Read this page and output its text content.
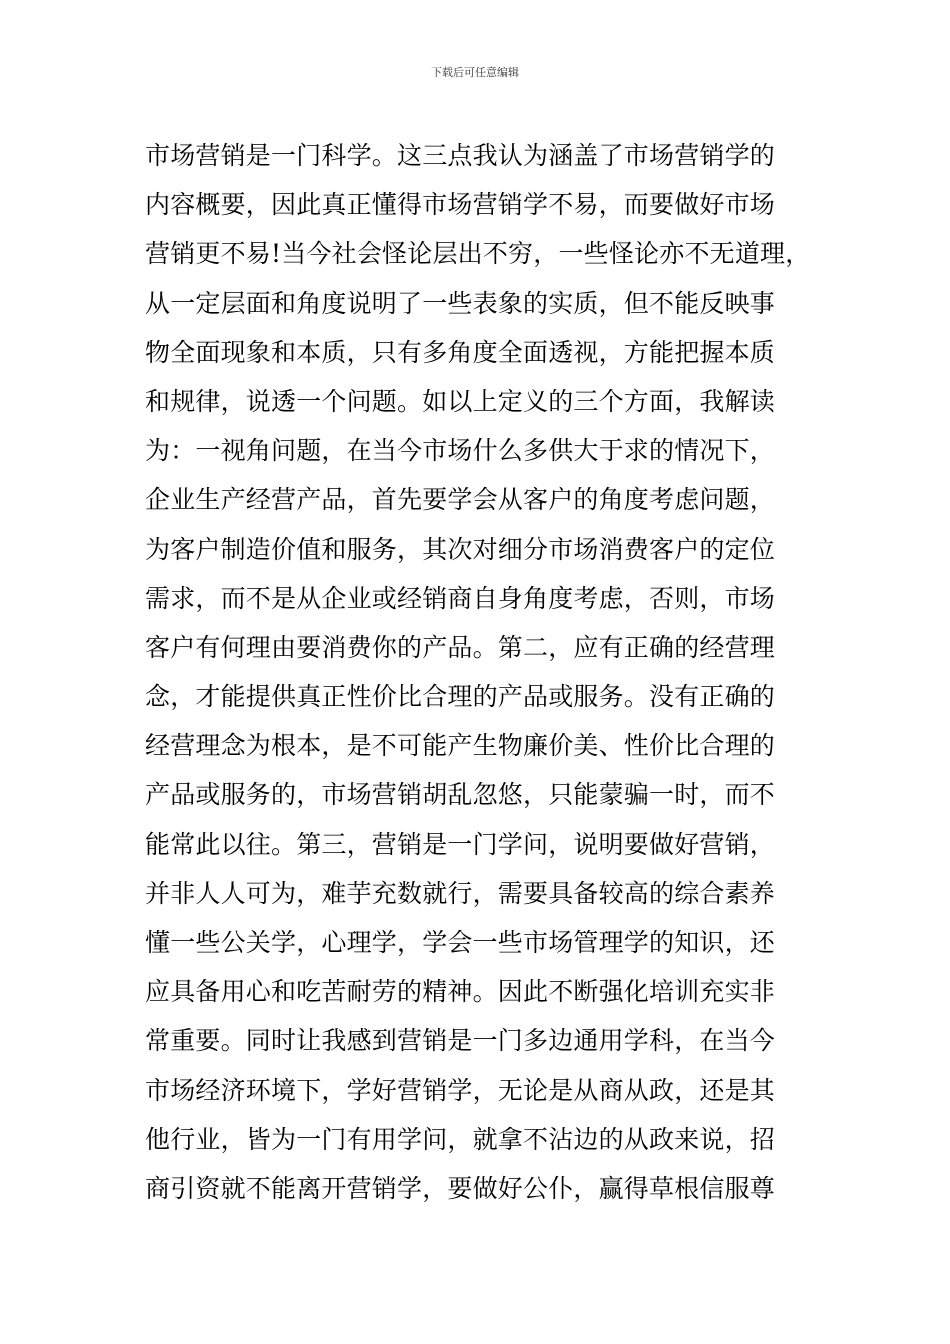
下载后可任意编辑
市场营销是一门科学。这三点我认为涵盖了市场营销学的
内容概要，因此真正懂得市场营销学不易，而要做好市场
营销更不易!当今社会怪论层出不穷，一些怪论亦不无道理，
从一定层面和角度说明了一些表象的实质，但不能反映事
物全面现象和本质，只有多角度全面透视，方能把握本质
和规律，说透一个问题。如以上定义的三个方面，我解读
为：一视角问题，在当今市场什么多供大于求的情况下，
企业生产经营产品，首先要学会从客户的角度考虑问题，
为客户制造价值和服务，其次对细分市场消费客户的定位
需求，而不是从企业或经销商自身角度考虑，否则，市场
客户有何理由要消费你的产品。第二，应有正确的经营理
念，才能提供真正性价比合理的产品或服务。没有正确的
经营理念为根本，是不可能产生物廉价美、性价比合理的
产品或服务的，市场营销胡乱忽悠，只能蒙骗一时，而不
能常此以往。第三，营销是一门学问，说明要做好营销，
并非人人可为，难芋充数就行，需要具备较高的综合素养
懂一些公关学，心理学，学会一些市场管理学的知识，还
应具备用心和吃苦耐劳的精神。因此不断强化培训充实非
常重要。同时让我感到营销是一门多边通用学科，在当今
市场经济环境下，学好营销学，无论是从商从政，还是其
他行业，皆为一门有用学问，就拿不沾边的从政来说，招
商引资就不能离开营销学，要做好公仆，赢得草根信服尊
